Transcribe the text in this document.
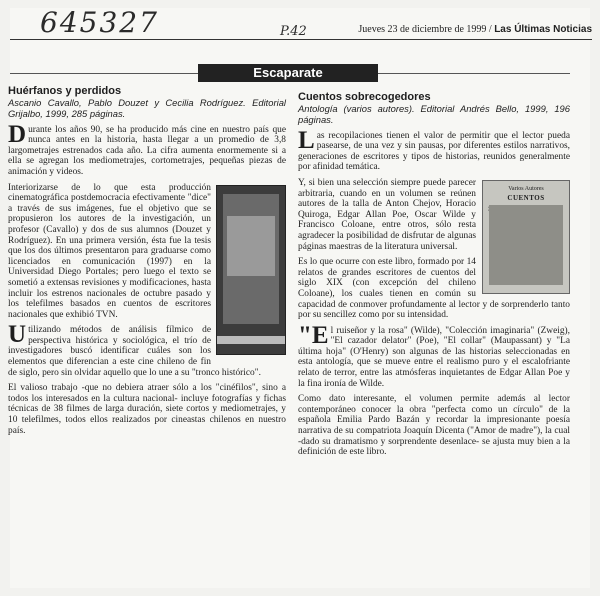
645327	P.42	Jueves 23 de diciembre de 1999 / Las Últimas Noticias
Escaparate
Huérfanos y perdidos
Ascanio Cavallo, Pablo Douzet y Cecilia Rodríguez. Editorial Grijalbo, 1999, 285 páginas.

Durante los años 90, se ha producido más cine en nuestro país que nunca antes en la historia, hasta llegar a un promedio de 3,8 largometrajes estrenados cada año. La cifra aumenta enormemente si a ella se agregan los mediometrajes, cortometrajes, pequeñas piezas de animación y videos.

Interiorizarse de lo que esta producción cinematográfica postdemocracia efectivamente "dice" a través de sus imágenes, fue el objetivo que se propusieron los autores de la investigación, un profesor (Cavallo) y dos de sus alumnos (Douzet y Rodríguez). En una primera versión, ésta fue la tesis que los dos últimos presentaron para graduarse como licenciados en comunicación (1997) en la Universidad Diego Portales; pero luego el texto se sometió a extensas revisiones y modificaciones, hasta incluir los estrenos nacionales de octubre pasado y los telefilmes basados en cuentos de escritores nacionales que exhibió TVN.

Utilizando métodos de análisis fílmico de perspectiva histórica y sociológica, el trío de investigadores buscó identificar cuáles son los elementos que diferencian a este cine chileno de fin de siglo, pero sin olvidar aquello que lo une a su "tronco histórico".

El valioso trabajo -que no debiera atraer sólo a los "cinéfilos", sino a todos los interesados en la cultura nacional- incluye fotografías y fichas técnicas de 38 filmes de larga duración, siete cortos y mediometrajes, y 10 telefilmes, todos ellos realizados por cineastas chilenos en nuestro país.

Cuentos sobrecogedores
Antología (varios autores). Editorial Andrés Bello, 1999, 196 páginas.

Las recopilaciones tienen el valor de permitir que el lector pueda pasearse, de una vez y sin pausas, por diferentes estilos narrativos, generaciones de escritores y tipos de historias, reunidos generalmente por afinidad temática.

Varios Autores
CUENTOS

Y, si bien una selección siempre puede parecer arbitraria, cuando en un volumen se reúnen autores de la talla de Anton Chejov, Horacio Quiroga, Edgar Allan Poe, Oscar Wilde y Francisco Coloane, entre otros, sólo resta agradecer la posibilidad de disfrutar de algunas páginas maestras de la literatura universal.

Es lo que ocurre con este libro, formado por 14 relatos de grandes escritores de cuentos del siglo XIX (con excepción del chileno Coloane), los cuales tienen en común su capacidad de conmover profundamente al lector y de sorprenderlo tanto por su sencillez como por su intensidad.

"El ruiseñor y la rosa" (Wilde), "Colección imaginaria" (Zweig), "El cazador delator" (Poe), "El collar" (Maupassant) y "La última hoja" (O'Henry) son algunas de las historias seleccionadas en esta antología, que se mueve entre el realismo puro y el escalofriante relato de terror, entre las atmósferas inquietantes de Edgar Allan Poe y la fina ironía de Wilde.

Como dato interesante, el volumen permite además al lector contemporáneo conocer la obra "perfecta como un círculo" de la española Emilia Pardo Bazán y recordar la impresionante poesía narrativa de su compatriota Joaquín Dicenta ("Amor de madre"), la cual -dado su dramatismo y sorprendente desenlace- se ajusta muy bien a la definición de este libro.
